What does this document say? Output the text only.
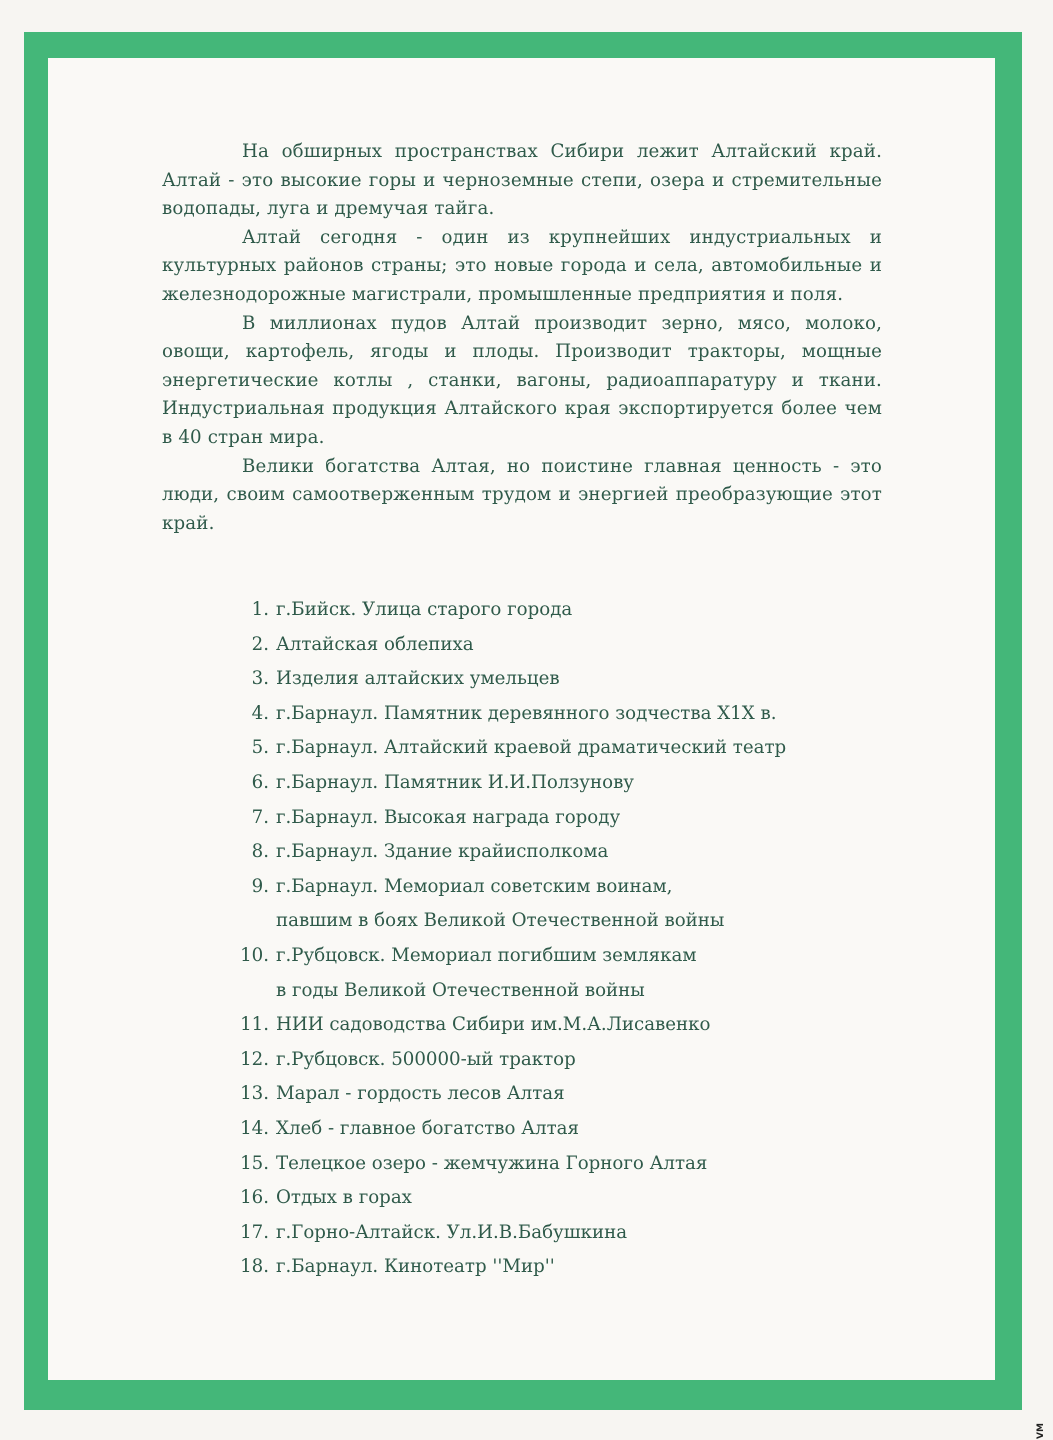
На обширных пространствах Сибири лежит Алтайский край. Алтай - это высокие горы и черноземные степи, озера и стремительные водопады, луга и дремучая тайга.

Алтай сегодня - один из крупнейших индустриальных и культурных районов страны; это новые города и села, автомобильные и железнодорожные магистрали, промышленные предприятия и поля.

В миллионах пудов Алтай производит зерно, мясо, молоко, овощи, картофель, ягоды и плоды. Производит тракторы, мощные энергетические котлы , станки, вагоны, радиоаппаратуру и ткани. Индустриальная продукция Алтайского края экспортируется более чем в 40 стран мира.

Велики богатства Алтая, но поистине главная ценность - это люди, своим самоотверженным трудом и энергией преобразующие этот край.

1. г.Бийск. Улица старого города
2. Алтайская облепиха
3. Изделия алтайских умельцев
4. г.Барнаул. Памятник деревянного зодчества X1X в.
5. г.Барнаул. Алтайский краевой драматический театр
6. г.Барнаул. Памятник И.И.Ползунову
7. г.Барнаул. Высокая награда городу
8. г.Барнаул. Здание крайисполкома
9. г.Барнаул. Мемориал советским воинам,
павшим в боях Великой Отечественной войны
10. г.Рубцовск. Мемориал погибшим землякам
в годы Великой Отечественной войны
11. НИИ садоводства Сибири им.М.А.Лисавенко
12. г.Рубцовск. 500000-ый трактор
13. Марал - гордость лесов Алтая
14. Хлеб - главное богатство Алтая
15. Телецкое озеро - жемчужина Горного Алтая
16. Отдых в горах
17. г.Горно-Алтайск. Ул.И.В.Бабушкина
18. г.Барнаул. Кинотеатр ''Мир''
VM
